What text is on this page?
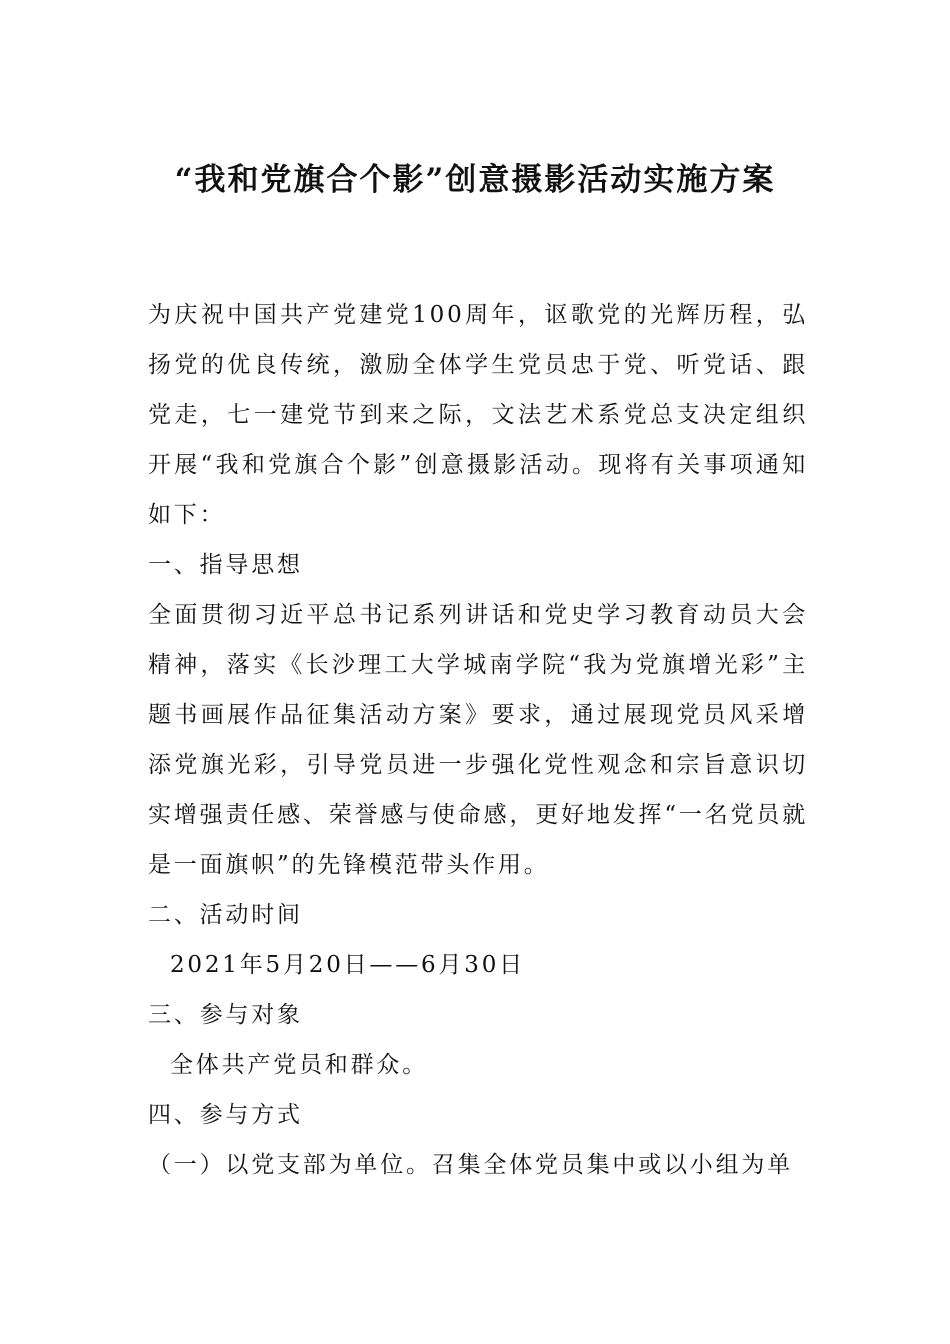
“我和党旗合个影”创意摄影活动实施方案

为庆祝中国共产党建党100周年，讴歌党的光辉历程，弘扬党的优良传统，激励全体学生党员忠于党、听党话、跟党走，七一建党节到来之际，文法艺术系党总支决定组织开展“我和党旗合个影”创意摄影活动。现将有关事项通知如下：

一、指导思想

全面贯彻习近平总书记系列讲话和党史学习教育动员大会精神，落实《长沙理工大学城南学院“我为党旗增光彩”主题书画展作品征集活动方案》要求，通过展现党员风采增添党旗光彩，引导党员进一步强化党性观念和宗旨意识切实增强责任感、荣誉感与使命感，更好地发挥“一名党员就是一面旗帜”的先锋模范带头作用。

二、活动时间

2021年5月20日——6月30日

三、参与对象

全体共产党员和群众。

四、参与方式

（一）以党支部为单位。召集全体党员集中或以小组为单
